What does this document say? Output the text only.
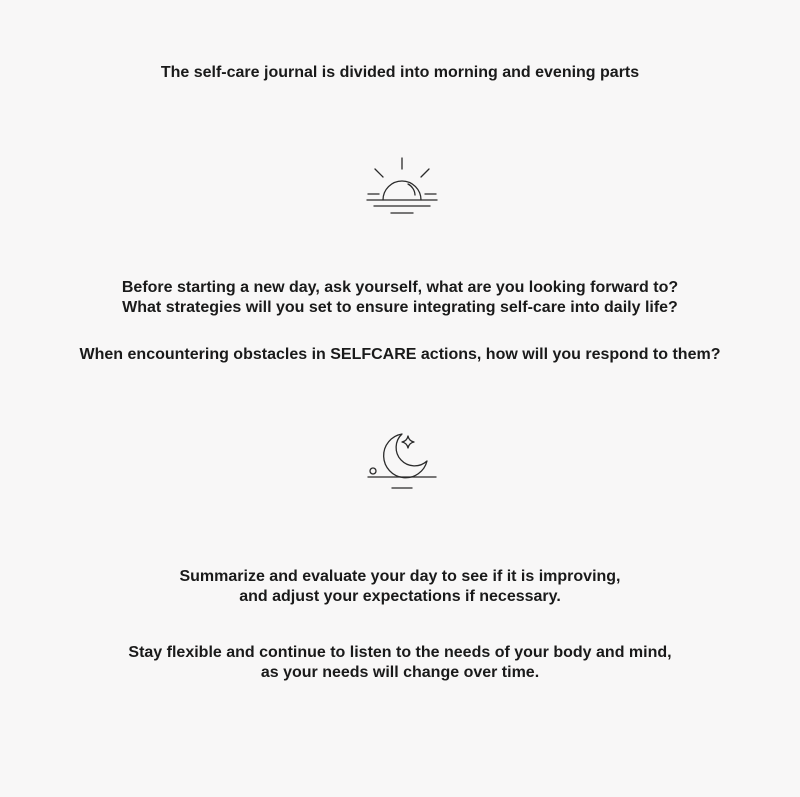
The self-care journal is divided into morning and evening parts
Before starting a new day, ask yourself, what are you looking forward to?
What strategies will you set to ensure integrating self-care into daily life?
When encountering obstacles in SELFCARE actions, how will you respond to them?
Summarize and evaluate your day to see if it is improving,
and adjust your expectations if necessary.
Stay flexible and continue to listen to the needs of your body and mind,
as your needs will change over time.
